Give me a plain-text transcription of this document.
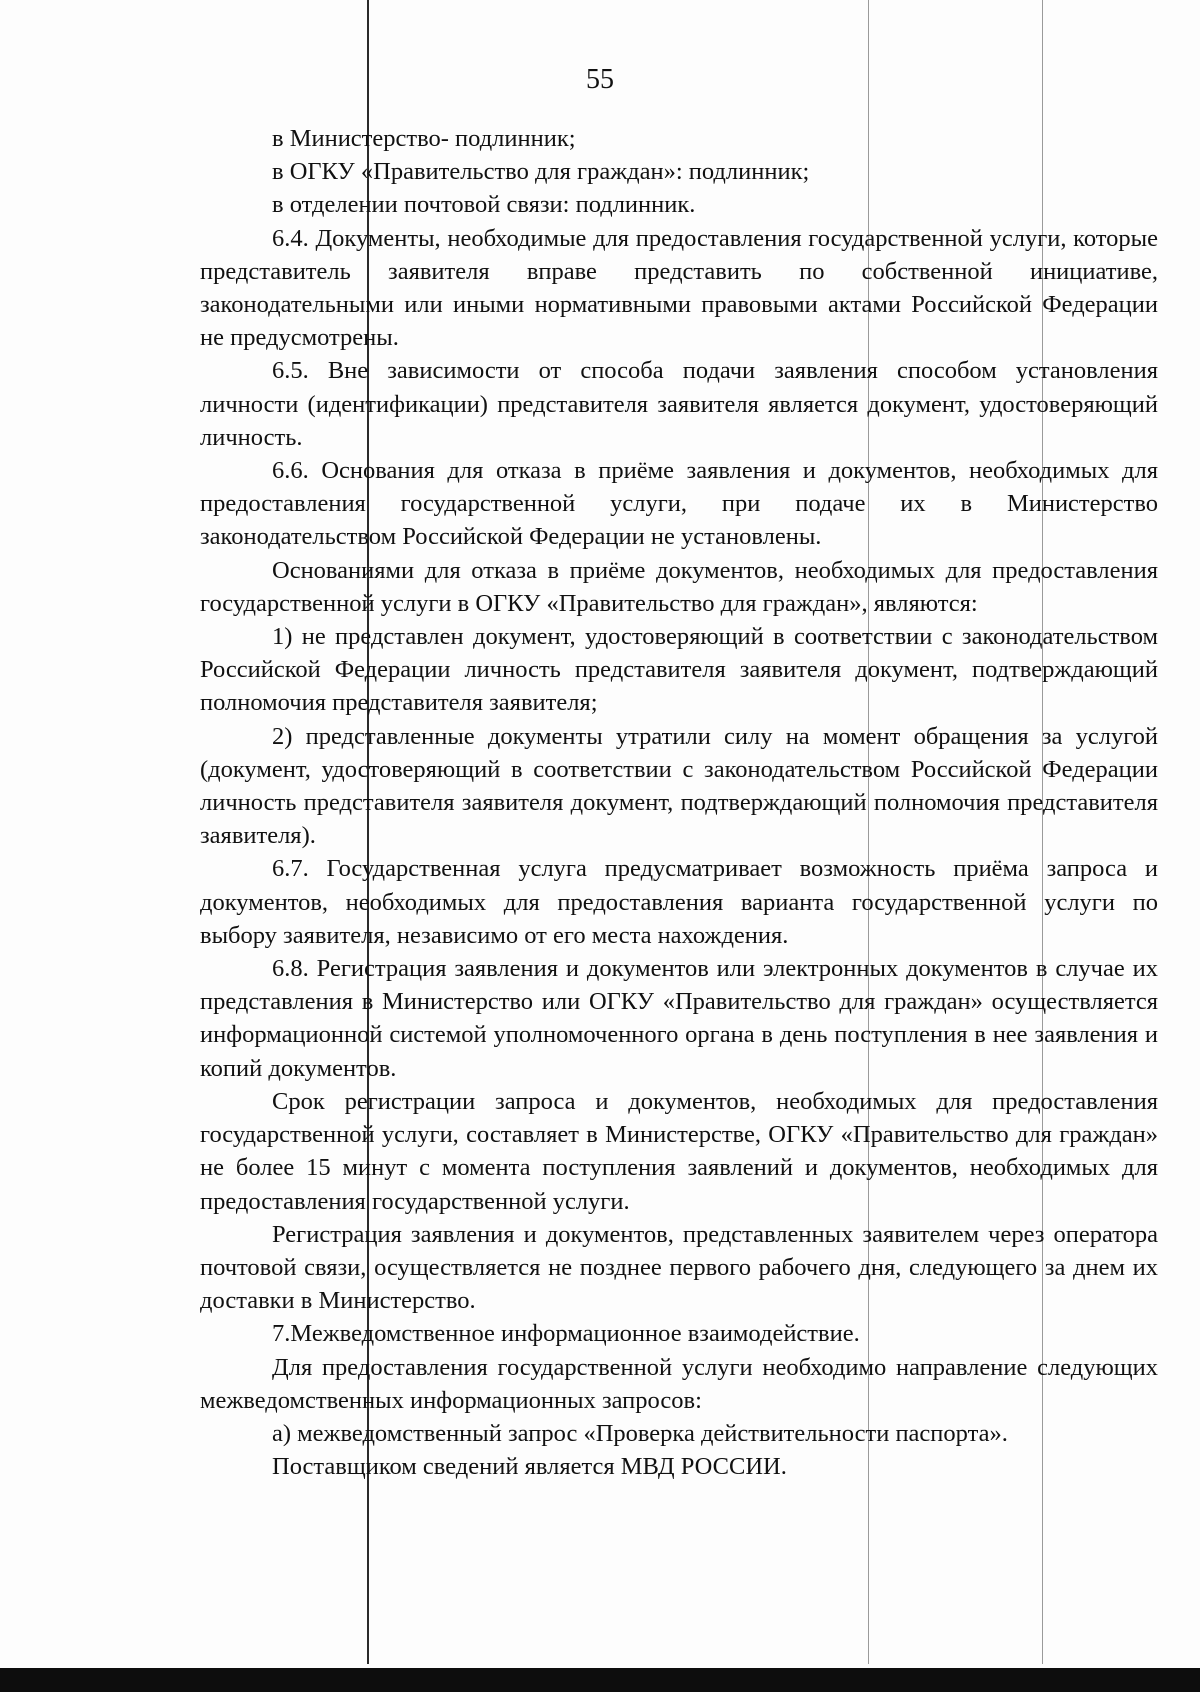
55

в Министерство- подлинник;

в ОГКУ «Правительство для граждан»: подлинник;

в отделении почтовой связи: подлинник.

6.4. Документы, необходимые для предоставления государственной услуги, которые представитель заявителя вправе представить по собственной инициативе, законодательными или иными нормативными правовыми актами Российской Федерации не предусмотрены.

6.5. Вне зависимости от способа подачи заявления способом установления личности (идентификации) представителя заявителя является документ, удостоверяющий личность.

6.6. Основания для отказа в приёме заявления и документов, необходимых для предоставления государственной услуги, при подаче их в Министерство законодательством Российской Федерации не установлены.

Основаниями для отказа в приёме документов, необходимых для предоставления государственной услуги в ОГКУ «Правительство для граждан», являются:

1) не представлен документ, удостоверяющий в соответствии с законодательством Российской Федерации личность представителя заявителя документ, подтверждающий полномочия представителя заявителя;

2) представленные документы утратили силу на момент обращения за услугой (документ, удостоверяющий в соответствии с законодательством Российской Федерации личность представителя заявителя документ, подтверждающий полномочия представителя заявителя).

6.7. Государственная услуга предусматривает возможность приёма запроса и документов, необходимых для предоставления варианта государственной услуги по выбору заявителя, независимо от его места нахождения.

6.8. Регистрация заявления и документов или электронных документов в случае их представления в Министерство или ОГКУ «Правительство для граждан» осуществляется информационной системой уполномоченного органа в день поступления в нее заявления и копий документов.

Срок регистрации запроса и документов, необходимых для предоставления государственной услуги, составляет в Министерстве, ОГКУ «Правительство для граждан» не более 15 минут с момента поступления заявлений и документов, необходимых для предоставления государственной услуги.

Регистрация заявления и документов, представленных заявителем через оператора почтовой связи, осуществляется не позднее первого рабочего дня, следующего за днем их доставки в Министерство.

7.Межведомственное информационное взаимодействие.

Для предоставления государственной услуги необходимо направление следующих межведомственных информационных запросов:

а) межведомственный запрос «Проверка действительности паспорта».

Поставщиком сведений является МВД РОССИИ.
